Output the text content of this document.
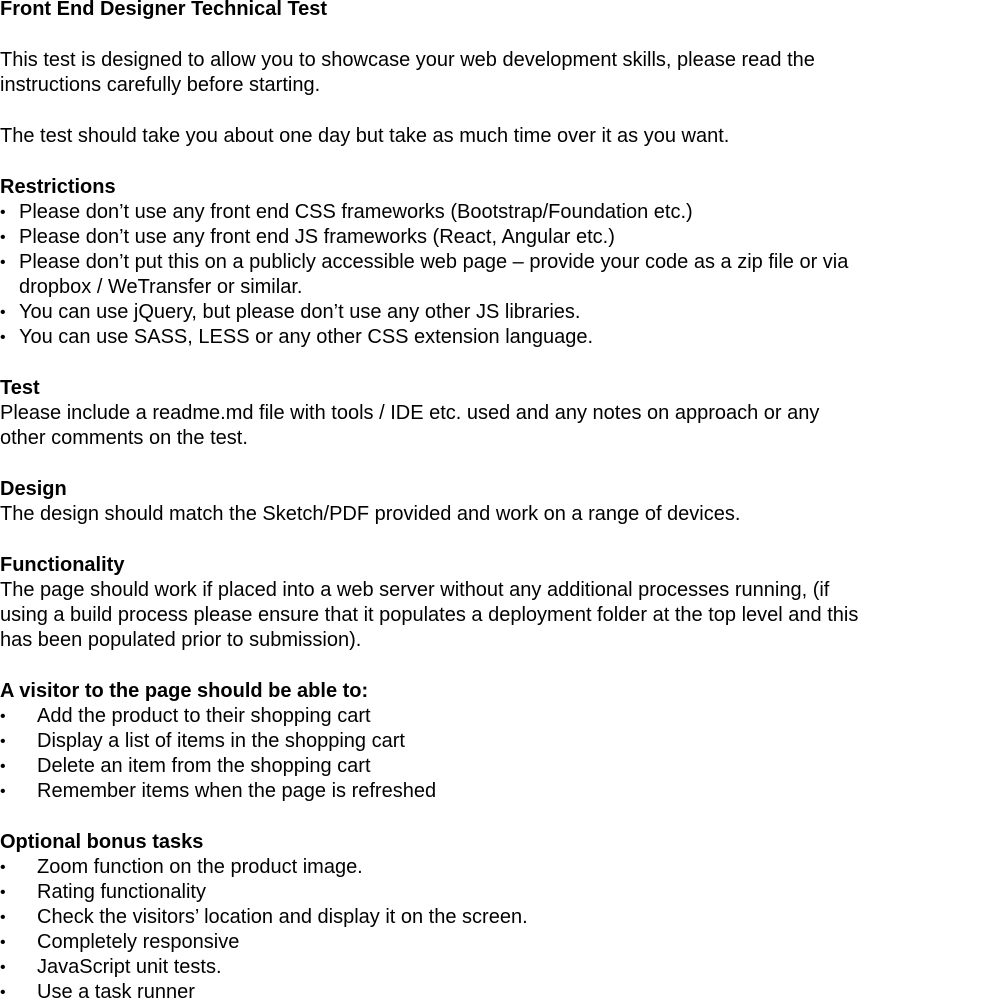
Front End Designer Technical Test

This test is designed to allow you to showcase your web development skills, please read the

instructions carefully before starting.

The test should take you about one day but take as much time over it as you want.

Restrictions

• Please don’t use any front end CSS frameworks (Bootstrap/Foundation etc.)
• Please don’t use any front end JS frameworks (React, Angular etc.)
• Please don’t put this on a publicly accessible web page – provide your code as a zip file or via
dropbox / WeTransfer or similar.
• You can use jQuery, but please don’t use any other JS libraries.
• You can use SASS, LESS or any other CSS extension language.

Test

Please include a readme.md file with tools / IDE etc. used and any notes on approach or any

other comments on the test.

Design

The design should match the Sketch/PDF provided and work on a range of devices.

Functionality

The page should work if placed into a web server without any additional processes running, (if

using a build process please ensure that it populates a deployment folder at the top level and this

has been populated prior to submission).

A visitor to the page should be able to:

• Add the product to their shopping cart
• Display a list of items in the shopping cart
• Delete an item from the shopping cart
• Remember items when the page is refreshed

Optional bonus tasks

• Zoom function on the product image.
• Rating functionality
• Check the visitors’ location and display it on the screen.
• Completely responsive
• JavaScript unit tests.
• Use a task runner
